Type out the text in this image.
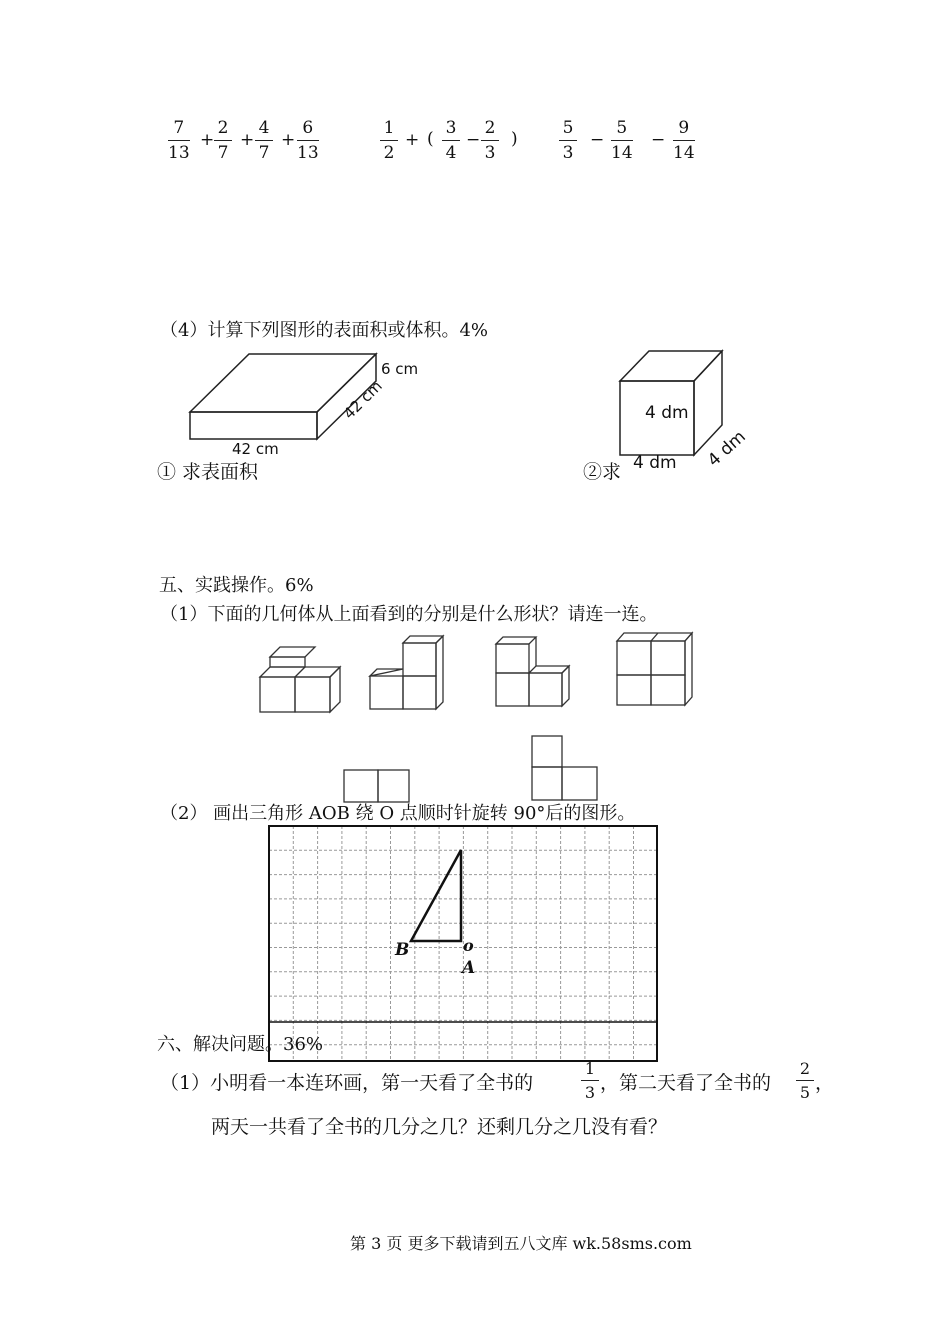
7
13
+
2
7
+
4
7
+
6
13
1
2
+ (
3
4
−
2
3
)
5
3
−
5
14
−
9
14
（4）计算下列图形的表面积或体积。4%
6 cm
42 cm
42 cm
4 dm
4 dm 4 dm
① 求表面积	②求
五、实践操作。6%
（1）下面的几何体从上面看到的分别是什么形状？请连一连。
（2） 画出三角形 AOB 绕 O 点顺时针旋转 90°后的图形。
B	o
A
六、解决问题。36%
（1）小明看一本连环画，第一天看了全书的
1
3 ，第二天看了全书的
2
5 ，
两天一共看了全书的几分之几？还剩几分之几没有看？
第 3 页 更多下载请到五八文库 wk.58sms.com
